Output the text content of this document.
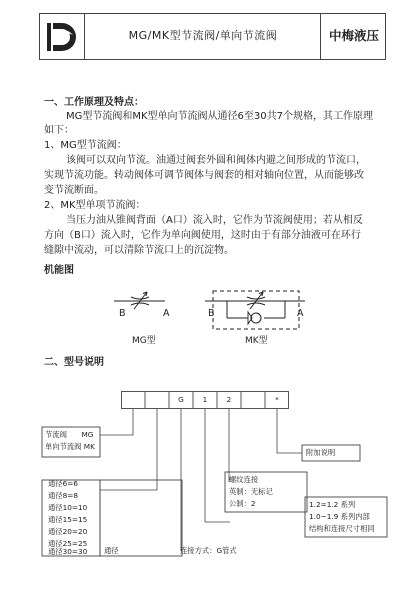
MG/MK型节流阀/单向节流阀	中梅液压
一、工作原理及特点：
MG型节流阀和MK型单向节流阀从通径6至30共7个规格，其工作原理
如下：
1、MG型节流阀：
该阀可以双向节流。油通过阀套外圆和阀体内避之间形成的节流口，
实现节流功能。转动阀体可调节阀体与阀套的相对轴向位置，从而能够改
变节流断面。
2、MK型单项节流阀：
当压力油从锥阀背面（A口）流入时，它作为节流阀使用；若从相反
方向（B口）流入时，它作为单向阀使用，这时由于有部分油液可在环行
缝隙中流动，可以清除节流口上的沉淀物。
机能图
B	A	B	A
MG型	MK型
二、型号说明
G	1	2	*
节流阀　　MG
单向节流阀 MK
通径6=6
通径8=8
通径10=10
通径15=15
通径20=20
通径25=25
通径30=30 通径	连接方式：G管式
螺纹连接
英制：无标记
公制：2	1.2=1.2 系列
1.0~1.9 系列内部
结构和连接尺寸相同
附加说明
